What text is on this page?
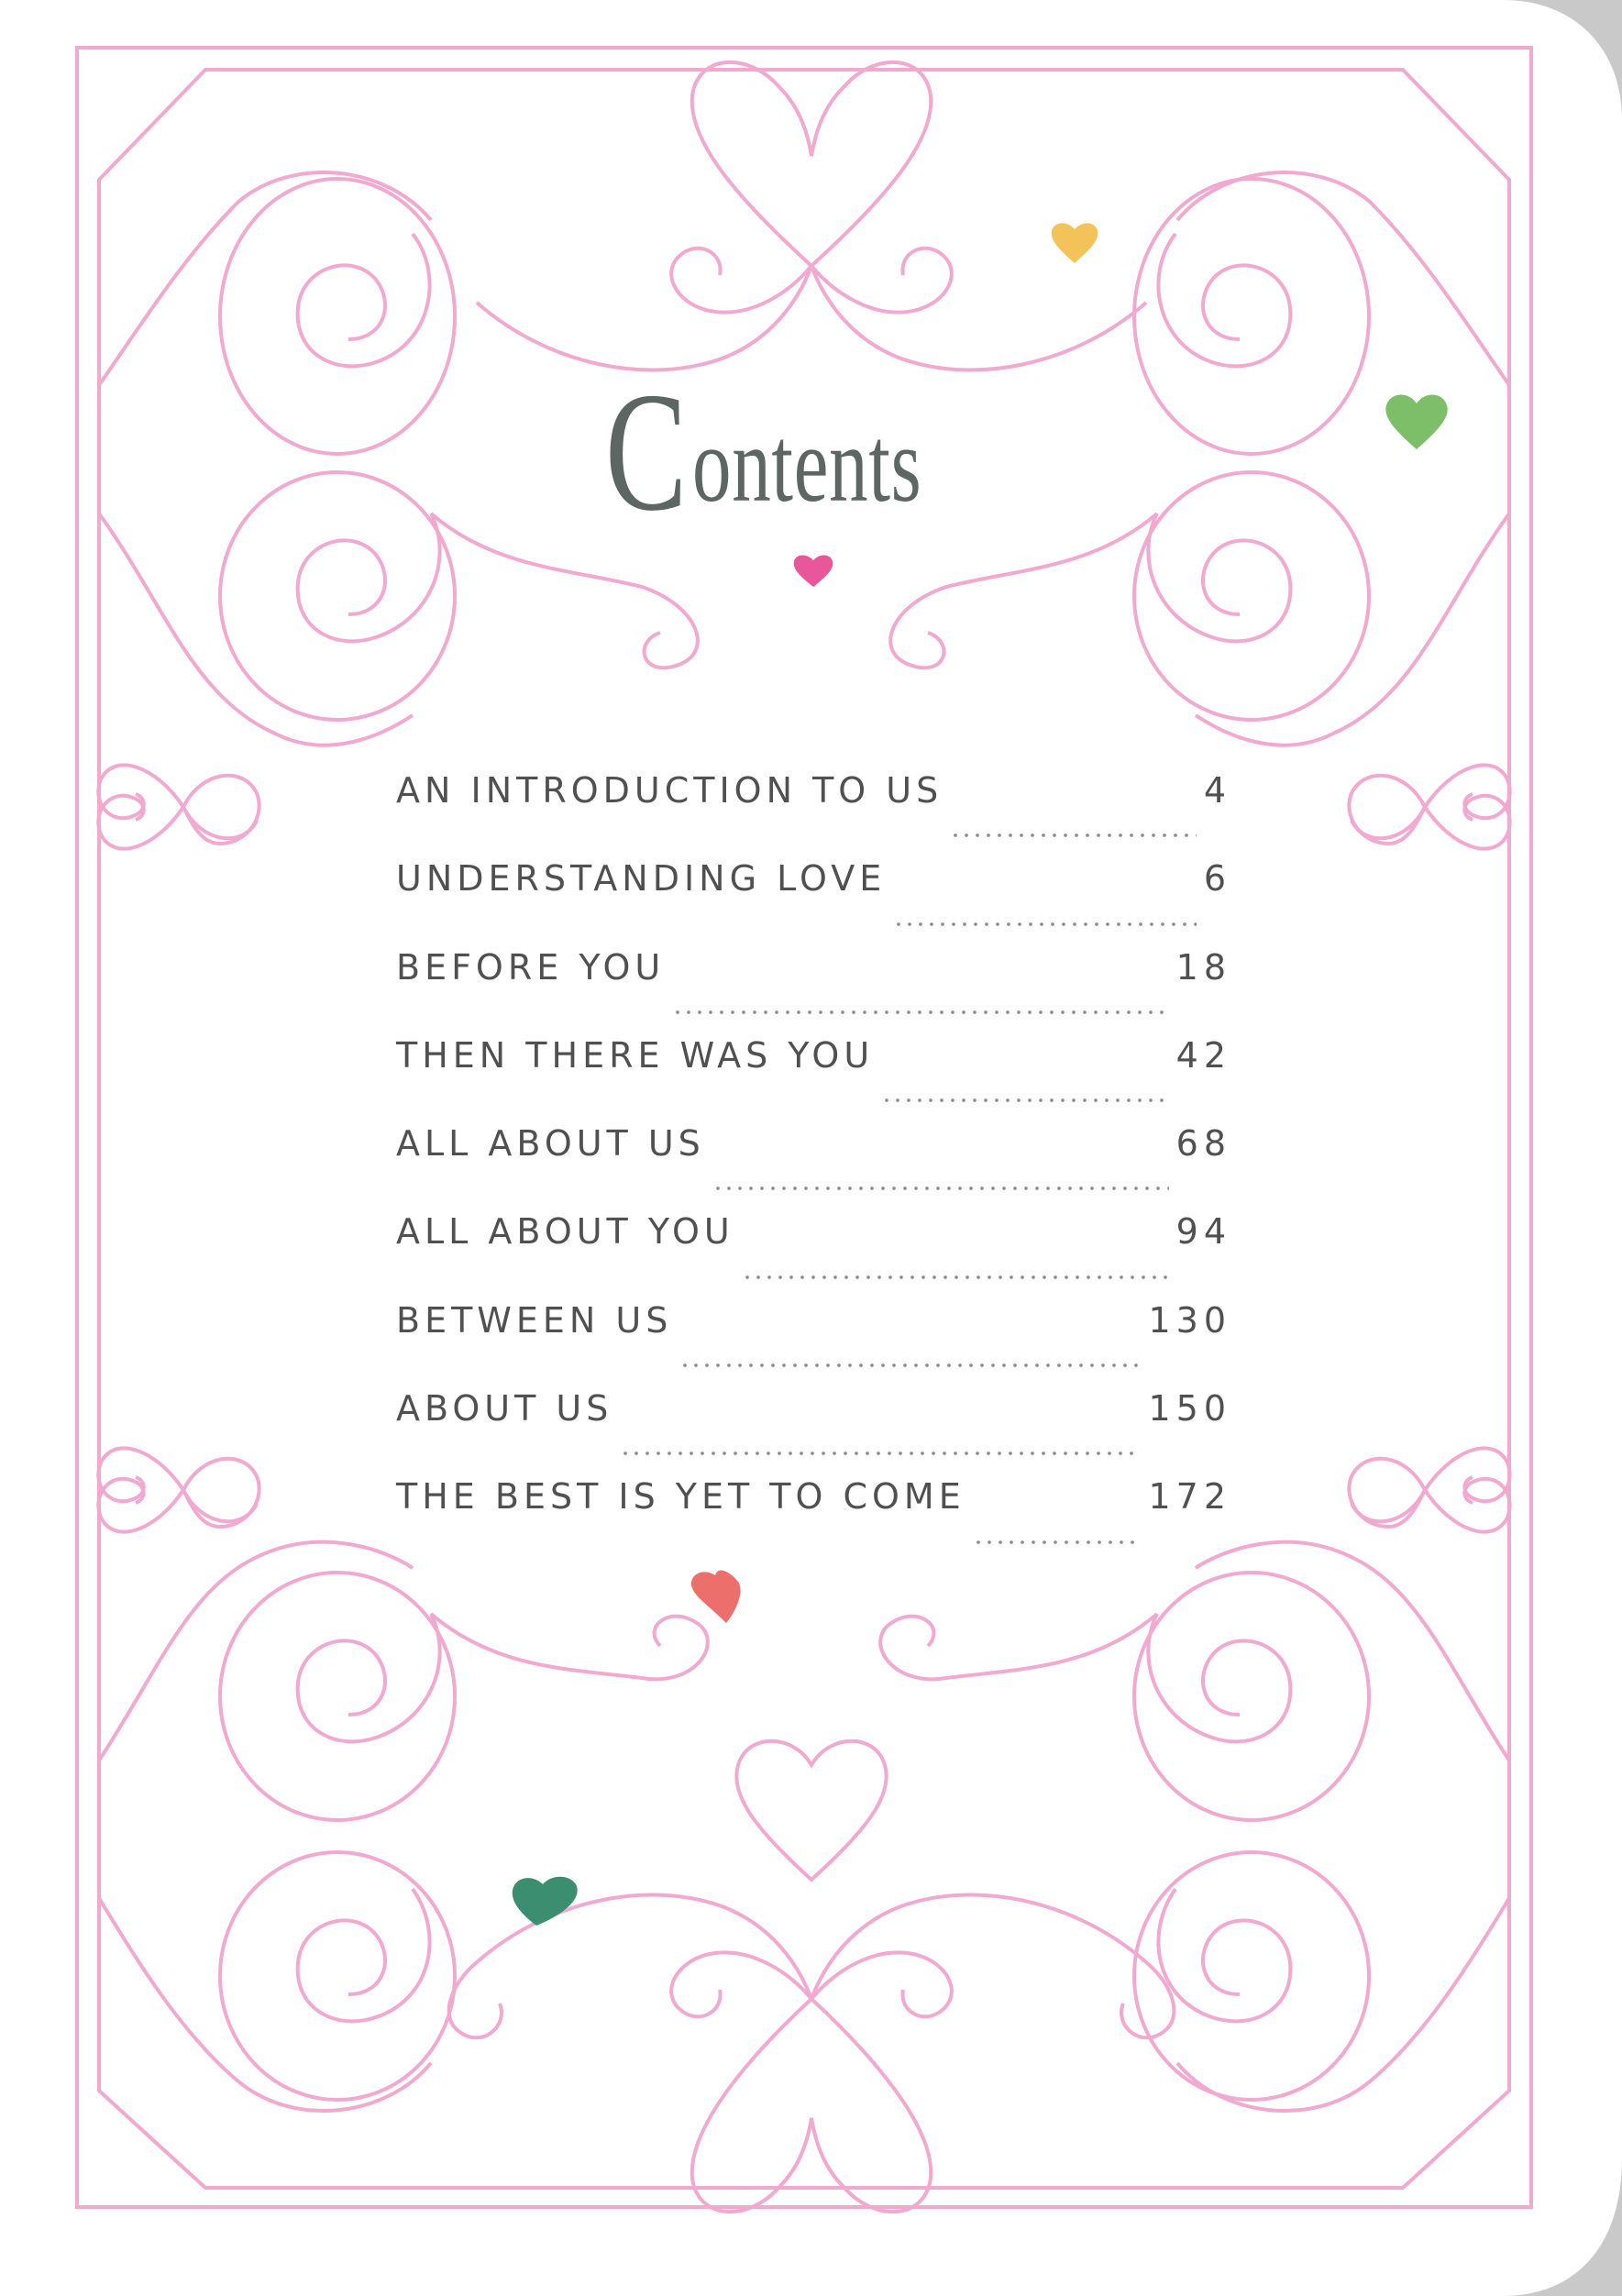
C ontents
AN INTRODUCTION TO US	4
UNDERSTANDING LOVE	6
BEFORE YOU	18
THEN THERE WAS YOU	42
ALL ABOUT US	68
ALL ABOUT YOU	94
BETWEEN US	130
ABOUT US	150
THE BEST IS YET TO COME	172
